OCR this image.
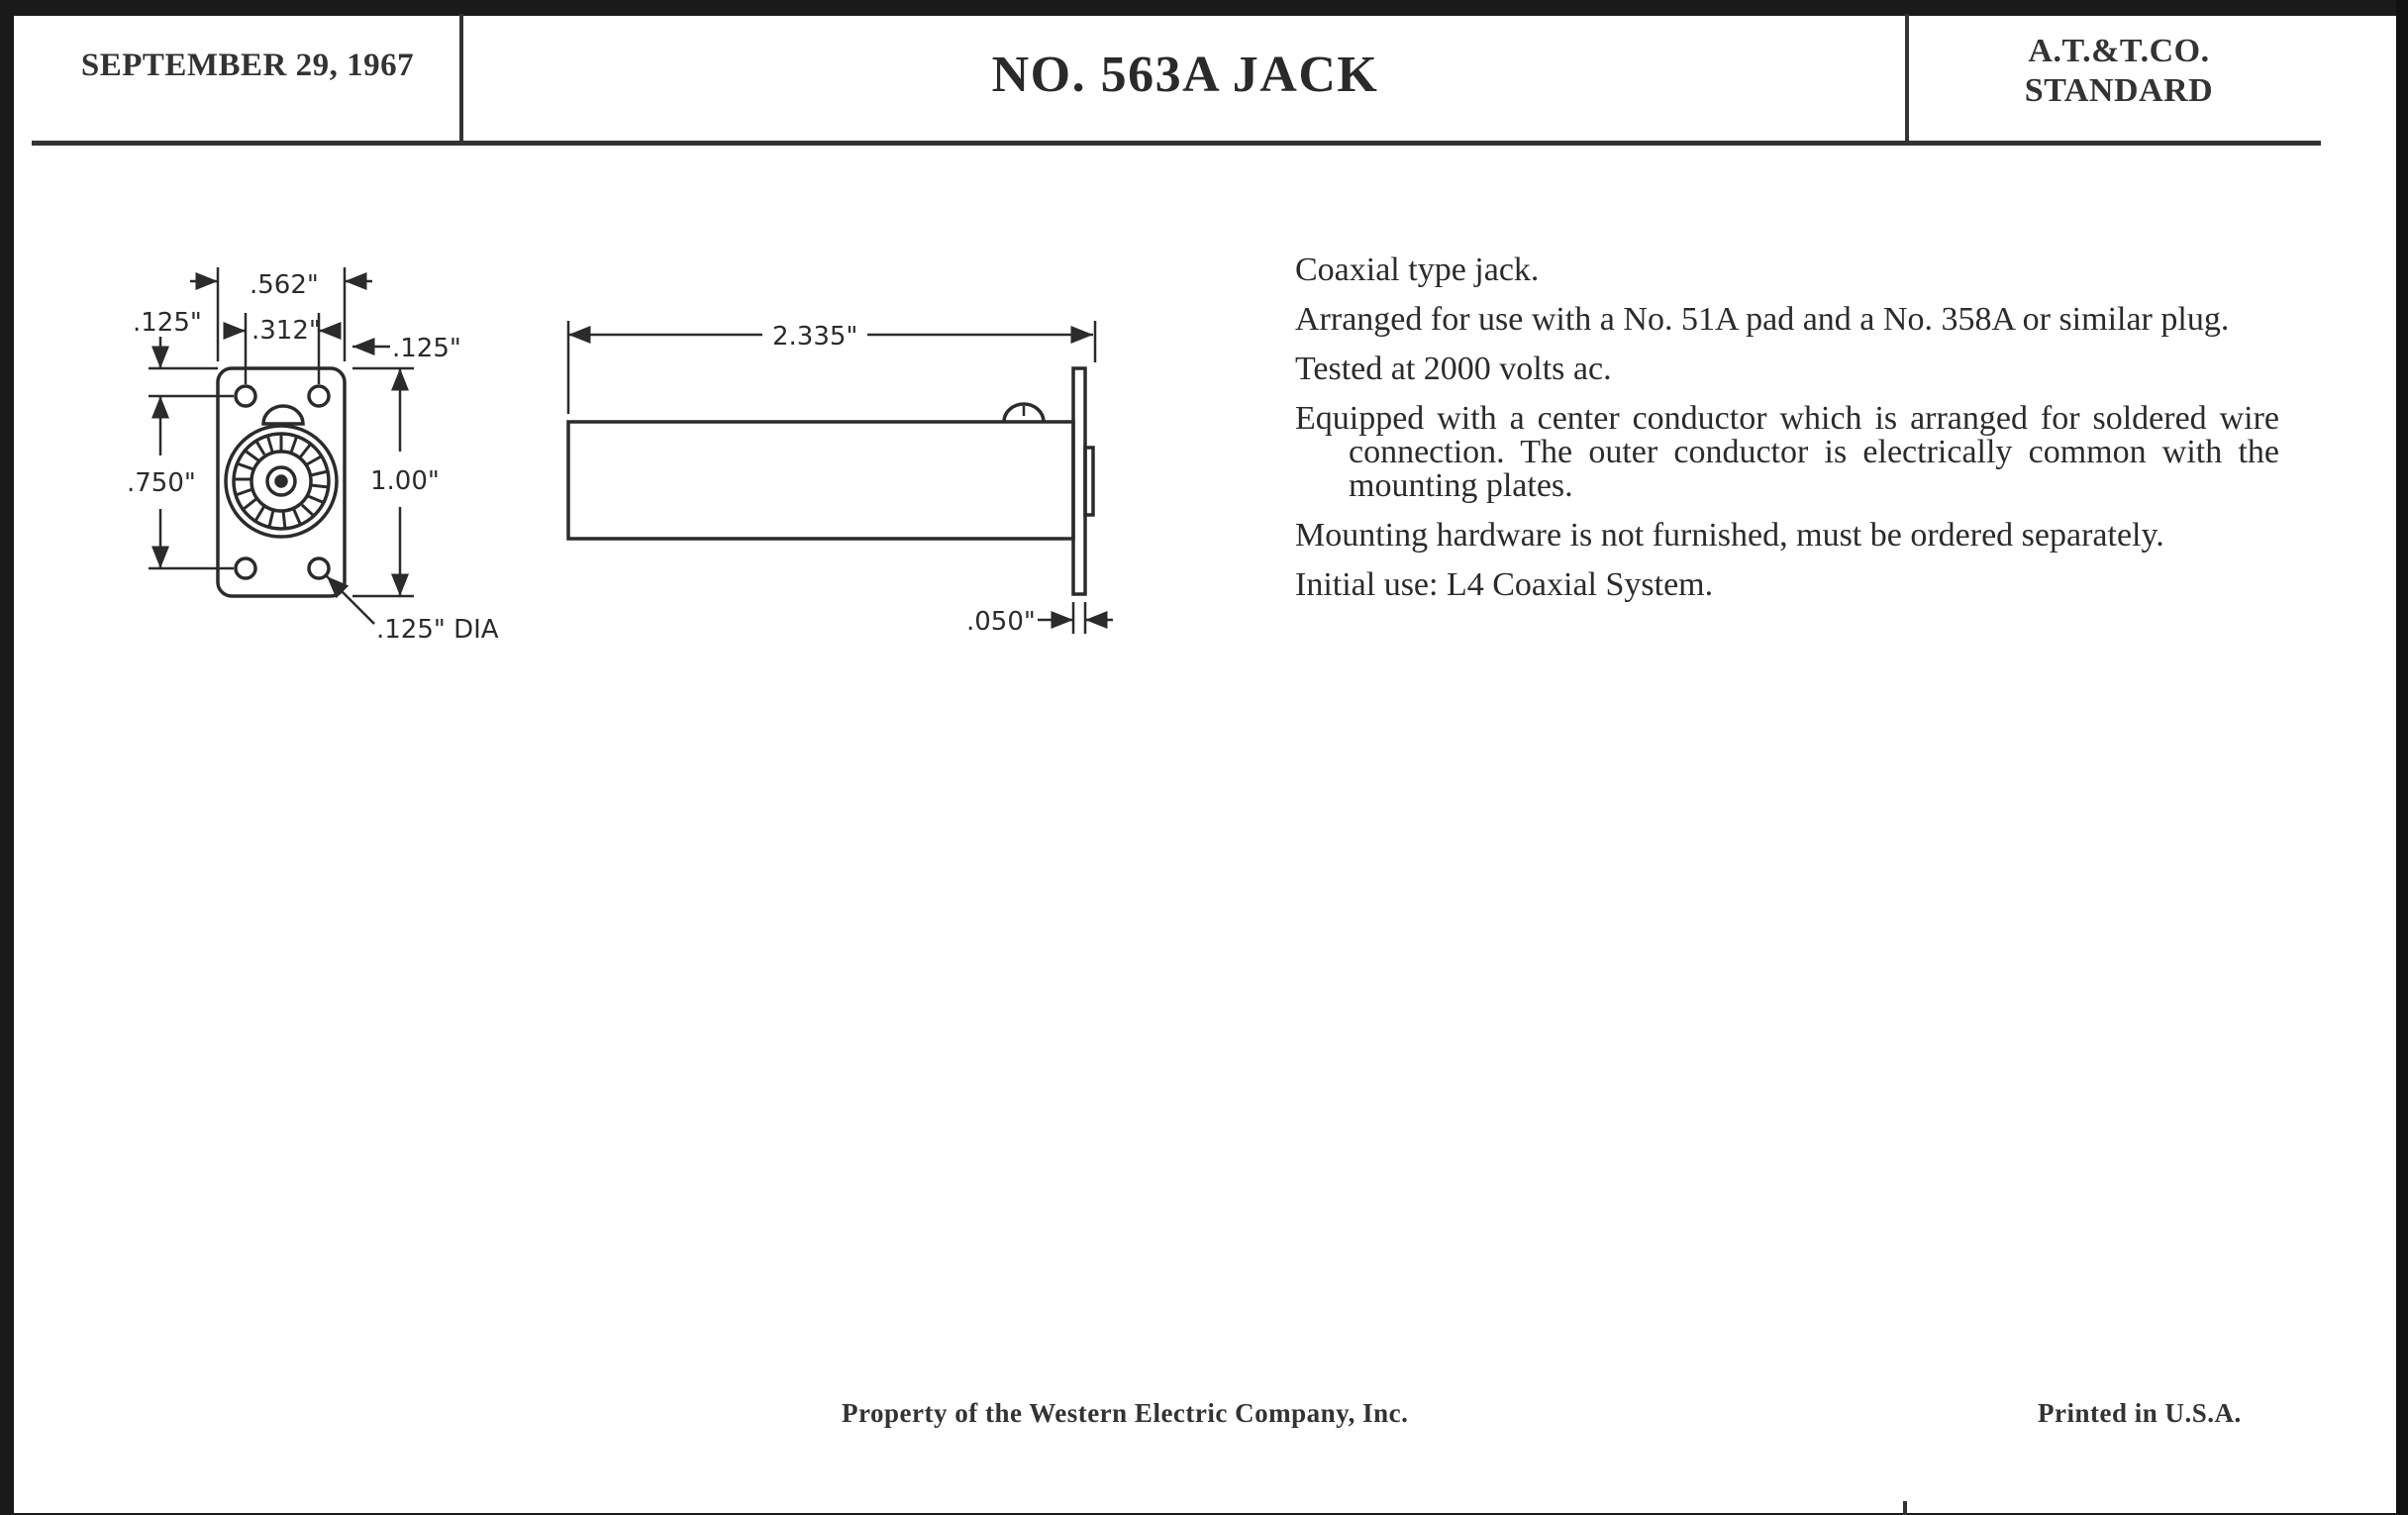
SEPTEMBER 29, 1967	NO. 563A JACK	A.T.&T.CO.
STANDARD
.562"
.312"
.125"
.125"
.750"	1.00"
.125" DIA
2.335"
.050"

Coaxial type jack.

Arranged for use with a No. 51A pad and a No. 358A or similar plug.

Tested at 2000 volts ac.

Equipped with a center conductor which is arranged for soldered wire connection. The outer conductor is electrically common with the mounting plates.

Mounting hardware is not furnished, must be ordered separately.

Initial use: L4 Coaxial System.

Property of the Western Electric Company, Inc.	Printed in U.S.A.
